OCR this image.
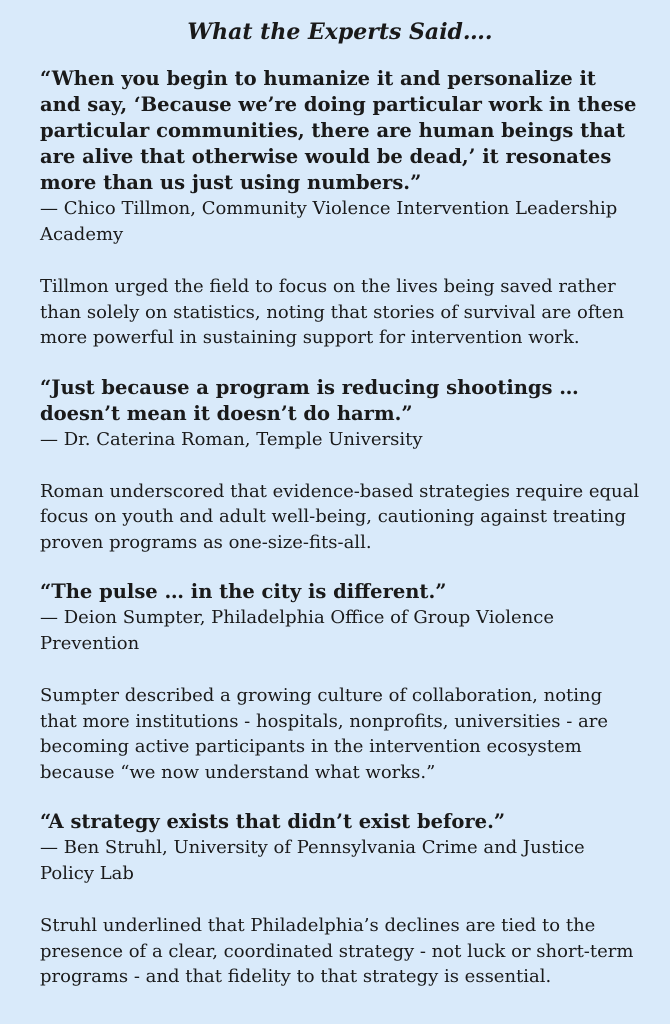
What the Experts Said….

“When you begin to humanize it and personalize it and say, ‘Because we’re doing particular work in these particular communities, there are human beings that are alive that otherwise would be dead,’ it resonates more than us just using numbers.”

— Chico Tillmon, Community Violence Intervention Leadership Academy

Tillmon urged the field to focus on the lives being saved rather than solely on statistics, noting that stories of survival are often more powerful in sustaining support for intervention work.

“Just because a program is reducing shootings … doesn’t mean it doesn’t do harm.”

— Dr. Caterina Roman, Temple University

Roman underscored that evidence-based strategies require equal focus on youth and adult well-being, cautioning against treating proven programs as one-size-fits-all.

“The pulse … in the city is different.”

— Deion Sumpter, Philadelphia Office of Group Violence Prevention

Sumpter described a growing culture of collaboration, noting that more institutions - hospitals, nonprofits, universities - are becoming active participants in the intervention ecosystem because “we now understand what works.”

“A strategy exists that didn’t exist before.”

— Ben Struhl, University of Pennsylvania Crime and Justice Policy Lab

Struhl underlined that Philadelphia’s declines are tied to the presence of a clear, coordinated strategy - not luck or short-term programs - and that fidelity to that strategy is essential.
